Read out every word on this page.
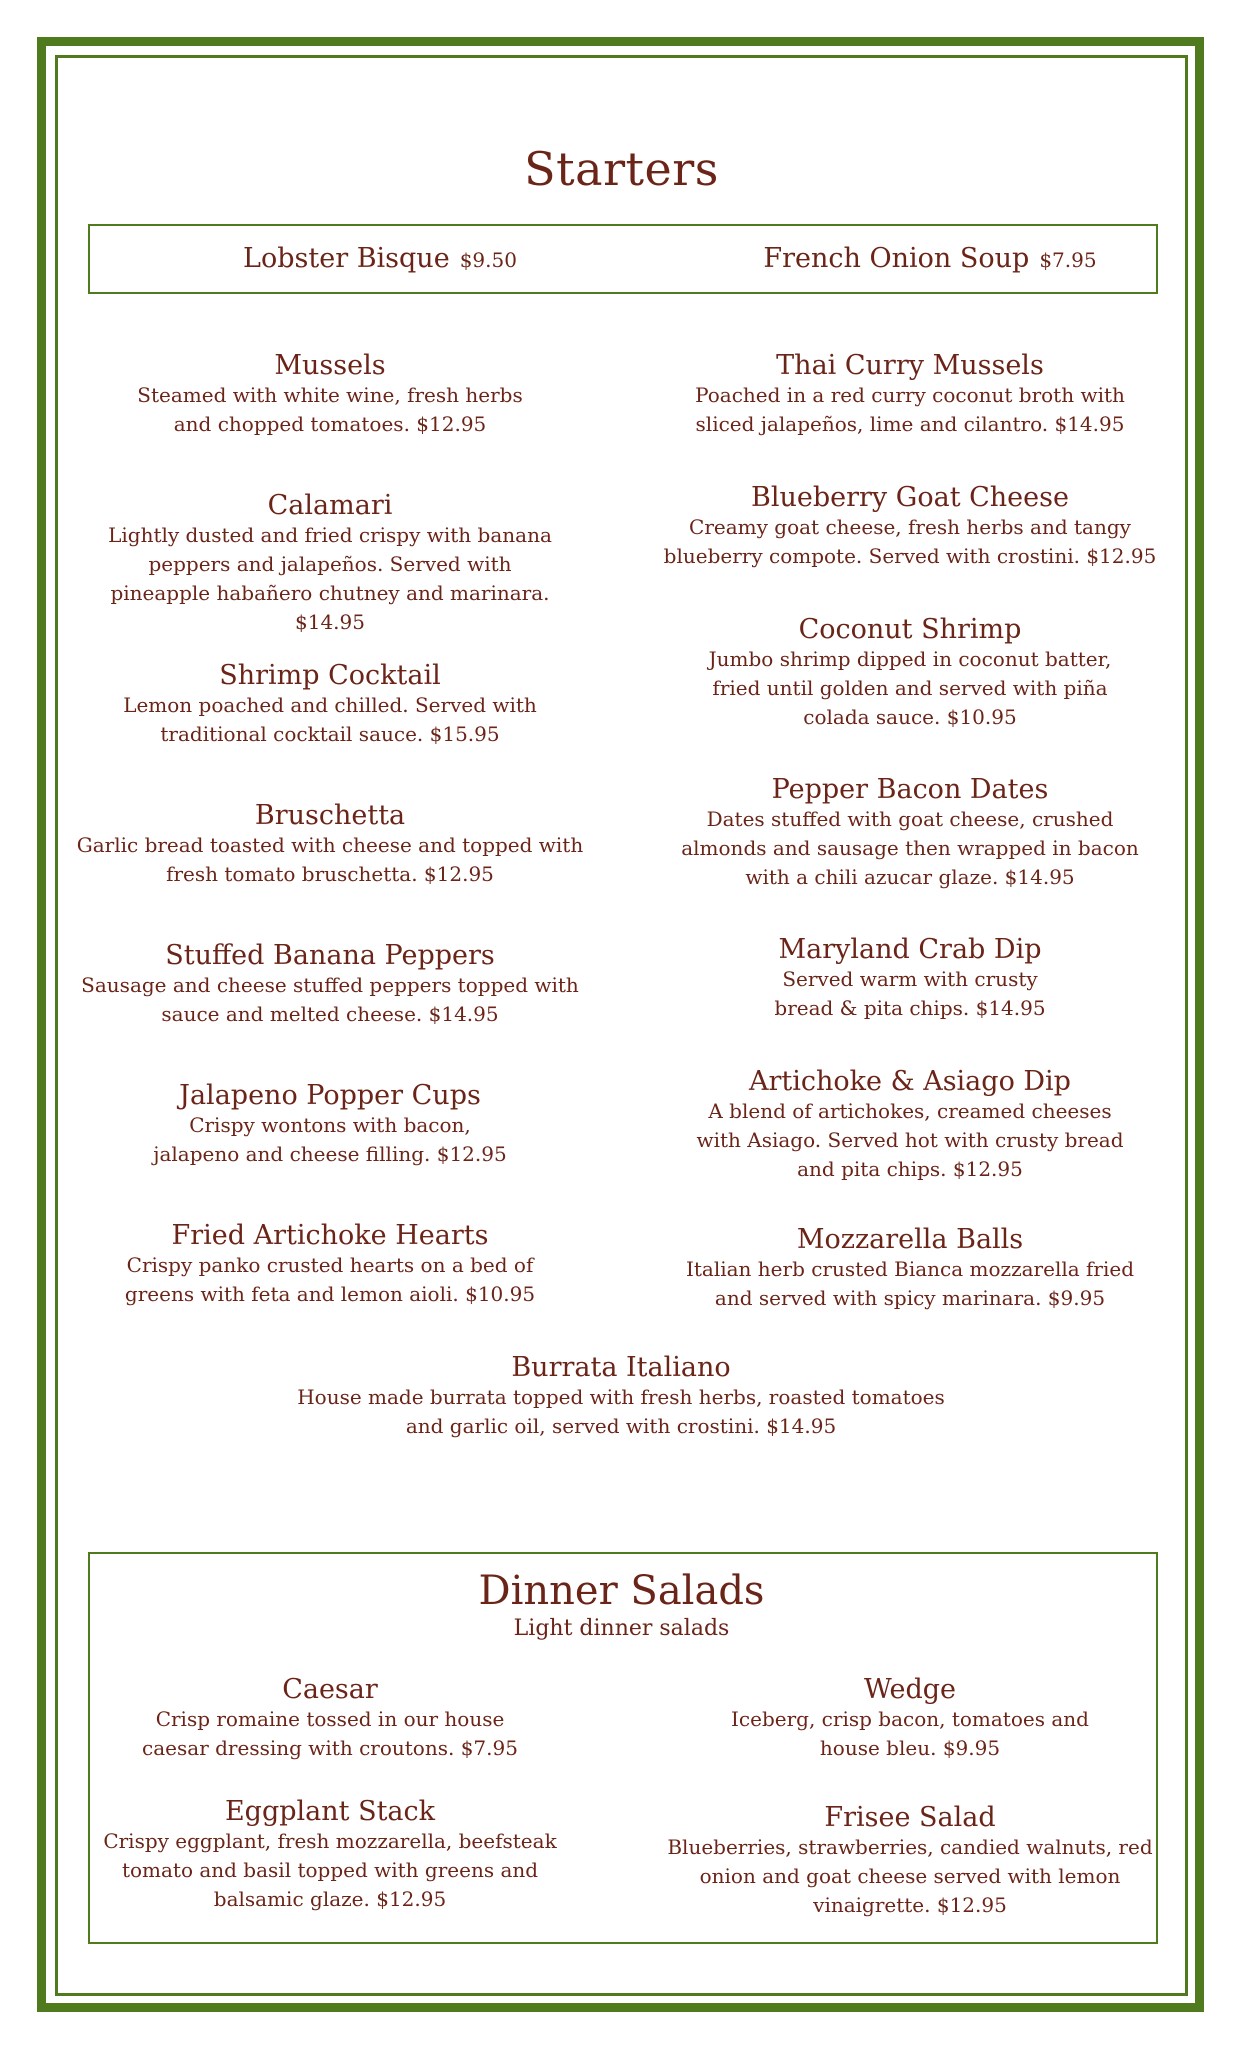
Starters
Lobster Bisque $9.50	French Onion Soup $7.95
Mussels
Steamed with white wine, fresh herbs and chopped tomatoes. $12.95
Calamari
Lightly dusted and fried crispy with banana peppers and jalapeños. Served with pineapple habañero chutney and marinara. $14.95
Shrimp Cocktail
Lemon poached and chilled. Served with traditional cocktail sauce. $15.95
Bruschetta
Garlic bread toasted with cheese and topped with fresh tomato bruschetta. $12.95
Stuffed Banana Peppers
Sausage and cheese stuffed peppers topped with sauce and melted cheese. $14.95
Jalapeno Popper Cups
Crispy wontons with bacon, jalapeno and cheese filling. $12.95
Fried Artichoke Hearts
Crispy panko crusted hearts on a bed of greens with feta and lemon aioli. $10.95
Thai Curry Mussels
Poached in a red curry coconut broth with sliced jalapeños, lime and cilantro. $14.95
Blueberry Goat Cheese
Creamy goat cheese, fresh herbs and tangy blueberry compote. Served with crostini. $12.95
Coconut Shrimp
Jumbo shrimp dipped in coconut batter, fried until golden and served with piña colada sauce. $10.95
Pepper Bacon Dates
Dates stuffed with goat cheese, crushed almonds and sausage then wrapped in bacon with a chili azucar glaze. $14.95
Maryland Crab Dip
Served warm with crusty bread & pita chips. $14.95
Artichoke & Asiago Dip
A blend of artichokes, creamed cheeses with Asiago. Served hot with crusty bread and pita chips. $12.95
Mozzarella Balls
Italian herb crusted Bianca mozzarella fried and served with spicy marinara. $9.95
Burrata Italiano
House made burrata topped with fresh herbs, roasted tomatoes and garlic oil, served with crostini. $14.95
Dinner Salads
Light dinner salads
Caesar
Crisp romaine tossed in our house caesar dressing with croutons. $7.95
Wedge
Iceberg, crisp bacon, tomatoes and house bleu. $9.95
Eggplant Stack
Crispy eggplant, fresh mozzarella, beefsteak tomato and basil topped with greens and balsamic glaze. $12.95
Frisee Salad
Blueberries, strawberries, candied walnuts, red onion and goat cheese served with lemon vinaigrette. $12.95
